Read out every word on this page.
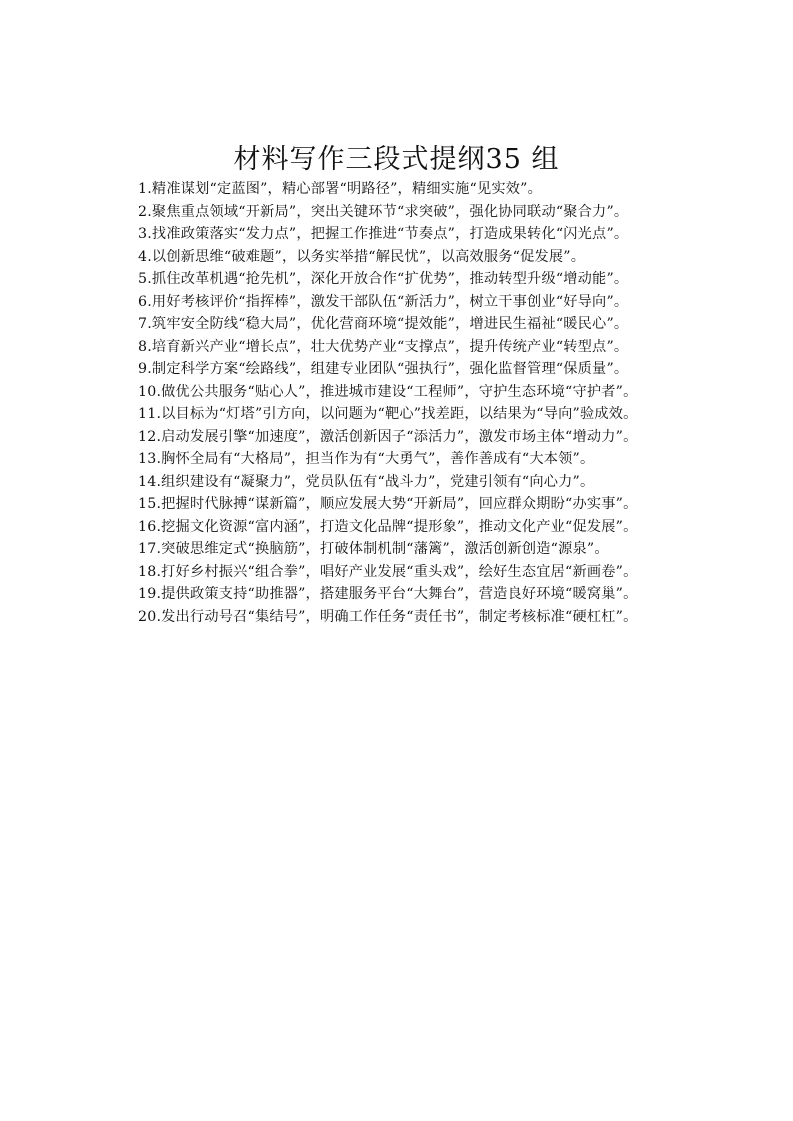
材料写作三段式提纲35 组

1.精准谋划“定蓝图”，精心部署“明路径”，精细实施“见实效”。

2.聚焦重点领域“开新局”，突出关键环节“求突破”，强化协同联动“聚合力”。

3.找准政策落实“发力点”，把握工作推进“节奏点”，打造成果转化“闪光点”。

4.以创新思维“破难题”，以务实举措“解民忧”，以高效服务“促发展”。

5.抓住改革机遇“抢先机”，深化开放合作“扩优势”，推动转型升级“增动能”。

6.用好考核评价“指挥棒”，激发干部队伍“新活力”，树立干事创业“好导向”。

7.筑牢安全防线“稳大局”，优化营商环境“提效能”，增进民生福祉“暖民心”。

8.培育新兴产业“增长点”，壮大优势产业“支撑点”，提升传统产业“转型点”。

9.制定科学方案“绘路线”，组建专业团队“强执行”，强化监督管理“保质量”。

10.做优公共服务“贴心人”，推进城市建设“工程师”，守护生态环境“守护者”。

11.以目标为“灯塔”引方向，以问题为“靶心”找差距，以结果为“导向”验成效。

12.启动发展引擎“加速度”，激活创新因子“添活力”，激发市场主体“增动力”。

13.胸怀全局有“大格局”，担当作为有“大勇气”，善作善成有“大本领”。

14.组织建设有“凝聚力”，党员队伍有“战斗力”，党建引领有“向心力”。

15.把握时代脉搏“谋新篇”，顺应发展大势“开新局”，回应群众期盼“办实事”。

16.挖掘文化资源“富内涵”，打造文化品牌“提形象”，推动文化产业“促发展”。

17.突破思维定式“换脑筋”，打破体制机制“藩篱”，激活创新创造“源泉”。

18.打好乡村振兴“组合拳”，唱好产业发展“重头戏”，绘好生态宜居“新画卷”。

19.提供政策支持“助推器”，搭建服务平台“大舞台”，营造良好环境“暖窝巢”。

20.发出行动号召“集结号”，明确工作任务“责任书”，制定考核标准“硬杠杠”。
